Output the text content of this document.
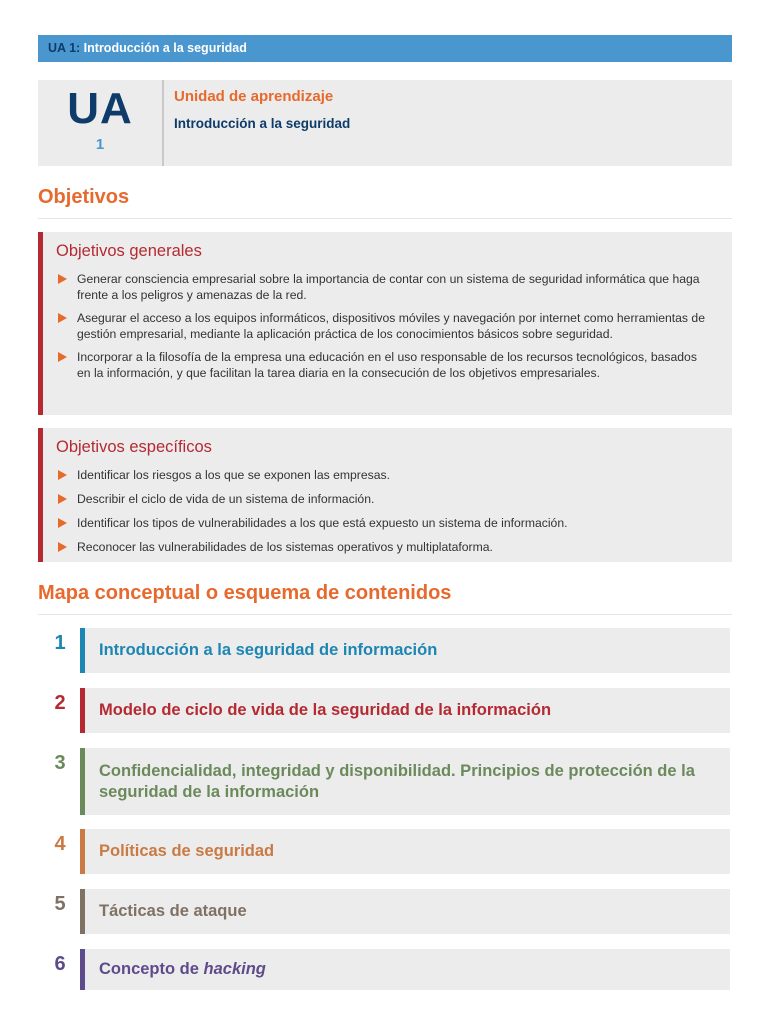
UA 1: Introducción a la seguridad
UA
1
Unidad de aprendizaje
Introducción a la seguridad
Objetivos
Objetivos generales
Generar consciencia empresarial sobre la importancia de contar con un sistema de seguridad informática que haga frente a los peligros y amenazas de la red.
Asegurar el acceso a los equipos informáticos, dispositivos móviles y navegación por internet como herramientas de gestión empresarial, mediante la aplicación práctica de los conocimientos básicos sobre seguridad.
Incorporar a la filosofía de la empresa una educación en el uso responsable de los recursos tecnológicos, basados en la información, y que facilitan la tarea diaria en la consecución de los objetivos empresariales.
Objetivos específicos
Identificar los riesgos a los que se exponen las empresas.
Describir el ciclo de vida de un sistema de información.
Identificar los tipos de vulnerabilidades a los que está expuesto un sistema de información.
Reconocer las vulnerabilidades de los sistemas operativos y multiplataforma.
Mapa conceptual o esquema de contenidos
1	Introducción a la seguridad de información
2	Modelo de ciclo de vida de la seguridad de la información
3	Confidencialidad, integridad y disponibilidad. Principios de protección de la seguridad de la información
4	Políticas de seguridad
5	Tácticas de ataque
6	Concepto de hacking
